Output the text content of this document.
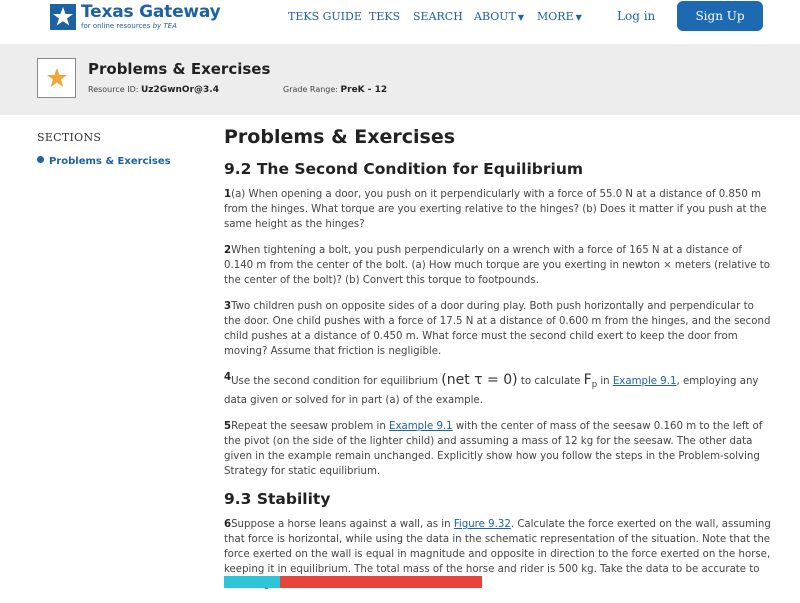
Texas Gateway
for online resources by TEA
TEKS GUIDE TEKS SEARCH ABOUT ▼ MORE ▼	Log in	Sign Up
Problems & Exercises
Resource ID: Uz2GwnOr@3.4	Grade Range: PreK - 12
SECTIONS
Problems & Exercises
Problems & Exercises
9.2 The Second Condition for Equilibrium

1(a) When opening a door, you push on it perpendicularly with a force of 55.0 N at a distance of 0.850 m from the hinges. What torque are you exerting relative to the hinges? (b) Does it matter if you push at the same height as the hinges?

2When tightening a bolt, you push perpendicularly on a wrench with a force of 165 N at a distance of 0.140 m from the center of the bolt. (a) How much torque are you exerting in newton × meters (relative to the center of the bolt)? (b) Convert this torque to footpounds.

3Two children push on opposite sides of a door during play. Both push horizontally and perpendicular to the door. One child pushes with a force of 17.5 N at a distance of 0.600 m from the hinges, and the second child pushes at a distance of 0.450 m. What force must the second child exert to keep the door from moving? Assume that friction is negligible.

4Use the second condition for equilibrium (net τ = 0) to calculate $F_p$ in Example 9.1, employing any data given or solved for in part (a) of the example.

5Repeat the seesaw problem in Example 9.1 with the center of mass of the seesaw 0.160 m to the left of the pivot (on the side of the lighter child) and assuming a mass of 12 kg for the seesaw. The other data given in the example remain unchanged. Explicitly show how you follow the steps in the Problem-solving Strategy for static equilibrium.

9.3 Stability

6Suppose a horse leans against a wall, as in Figure 9.32. Calculate the force exerted on the wall, assuming that force is horizontal, while using the data in the schematic representation of the situation. Note that the force exerted on the wall is equal in magnitude and opposite in direction to the force exerted on the horse, keeping it in equilibrium. The total mass of the horse and rider is 500 kg. Take the data to be accurate to
